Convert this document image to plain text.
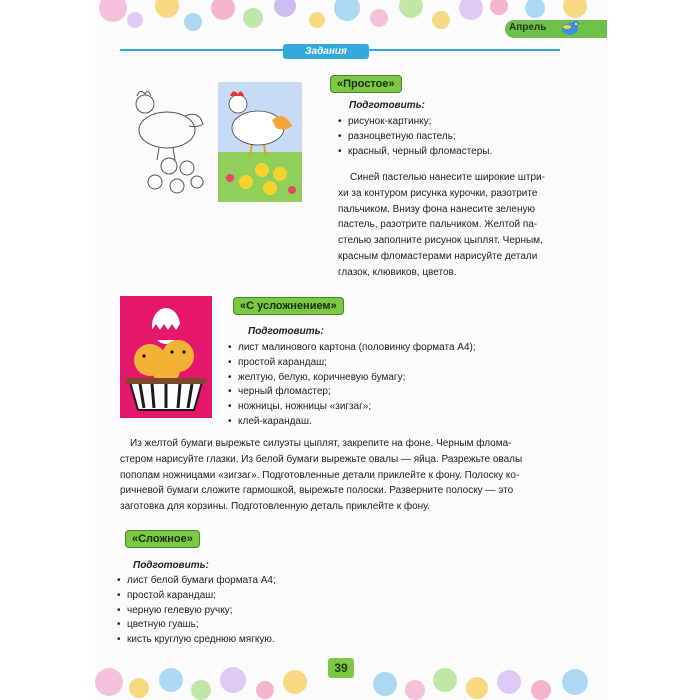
Апрель
Задания
«Простое»
Подготовить:
• рисунок-картинку;
• разноцветную пастель;
• красный, черный фломастеры.
Синей пастелью нанесите широкие штри-
хи за контуром рисунка курочки, разотрите
пальчиком. Внизу фона нанесите зеленую
пастель, разотрите пальчиком. Желтой па-
стелью заполните рисунок цыплят. Черным,
красным фломастерами нарисуйте детали
глазок, клювиков, цветов.
«С усложнением»
Подготовить:
• лист малинового картона (половинку формата А4);
• простой карандаш;
• желтую, белую, коричневую бумагу;
• черный фломастер;
• ножницы, ножницы «зигзаг»;
• клей-карандаш.
Из желтой бумаги вырежьте силуэты цыплят, закрепите на фоне. Черным флома-
стером нарисуйте глазки. Из белой бумаги вырежьте овалы — яйца. Разрежьте овалы
пополам ножницами «зигзаг». Подготовленные детали приклейте к фону. Полоску ко-
ричневой бумаги сложите гармошкой, вырежьте полоски. Разверните полоску — это
заготовка для корзины. Подготовленную деталь приклейте к фону.
«Сложное»
Подготовить:
• лист белой бумаги формата А4;
• простой карандаш;
• черную гелевую ручку;
• цветную гуашь;
• кисть круглую среднюю мягкую.
39
